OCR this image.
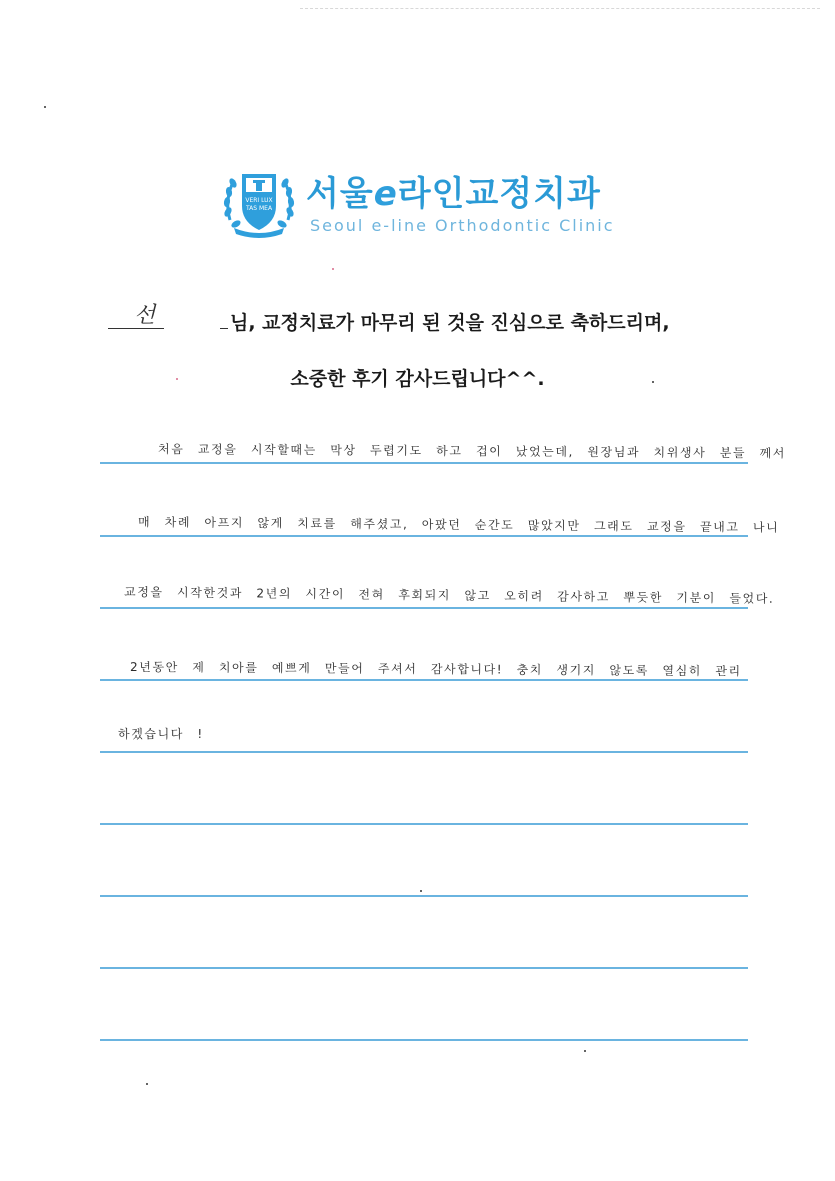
VERI LUX
TAS MEA 서울e라인교정치과
Seoul e-line Orthodontic Clinic
선	님, 교정치료가 마무리 된 것을 진심으로 축하드리며,
소중한 후기 감사드립니다^^.
처음 교정을 시작할때는 막상 두렵기도 하고 겁이 났었는데, 원장님과 치위생사 분들 께서
매 차례 아프지 않게 치료를 해주셨고, 아팠던 순간도 많았지만 그래도 교정을 끝내고 나니
교정을 시작한것과 2년의 시간이 전혀 후회되지 않고 오히려 감사하고 뿌듯한 기분이 들었다.
2년동안 제 치아를 예쁘게 만들어 주셔서 감사합니다! 충치 생기지 않도록 열심히 관리
하겠습니다 !
